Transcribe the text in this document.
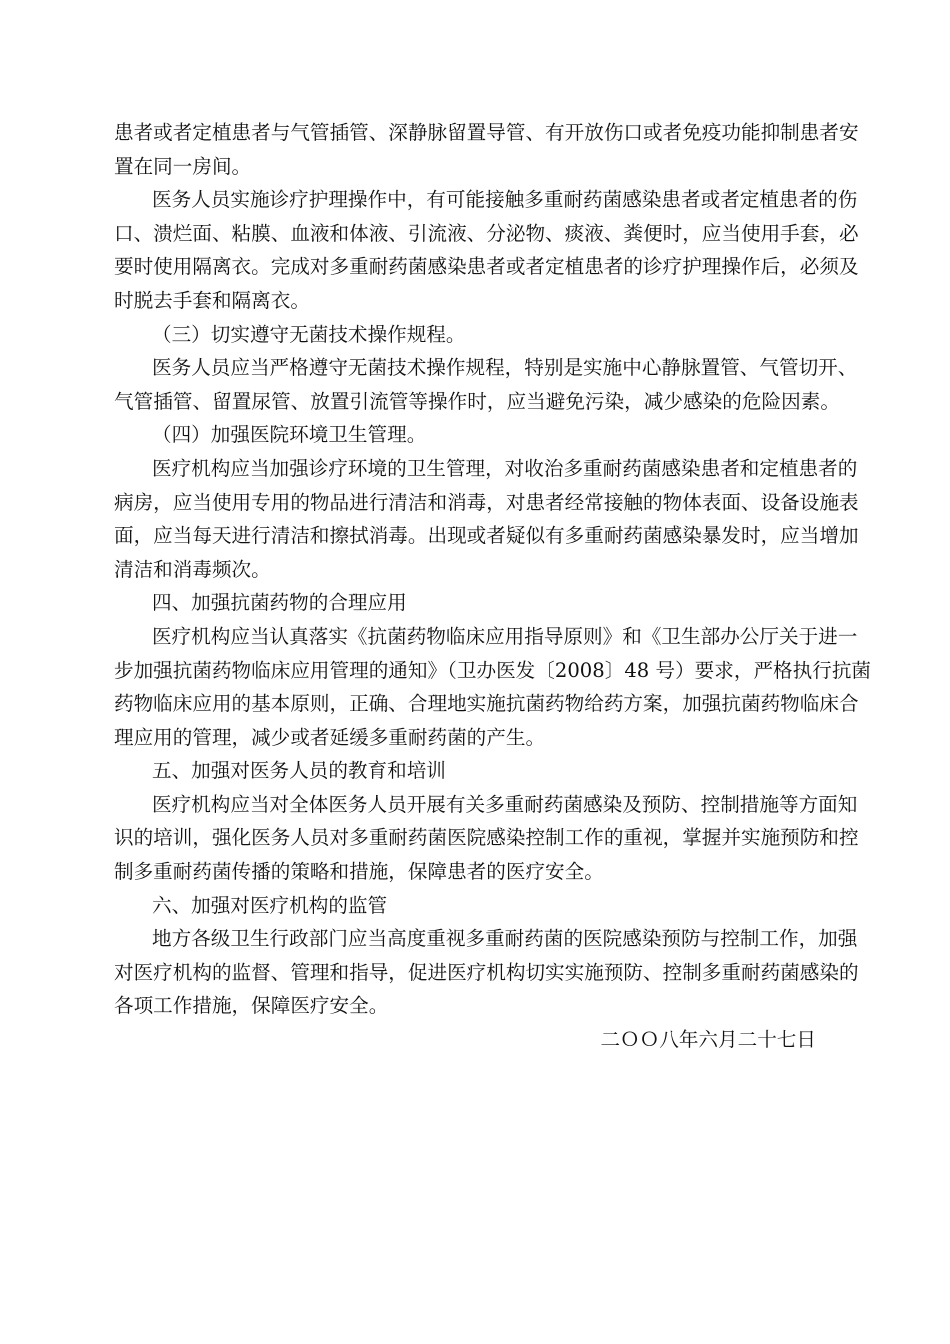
患者或者定植患者与气管插管、深静脉留置导管、有开放伤口或者免疫功能抑制患者安
置在同一房间。
医务人员实施诊疗护理操作中，有可能接触多重耐药菌感染患者或者定植患者的伤
口、溃烂面、粘膜、血液和体液、引流液、分泌物、痰液、粪便时，应当使用手套，必
要时使用隔离衣。完成对多重耐药菌感染患者或者定植患者的诊疗护理操作后，必须及
时脱去手套和隔离衣。
（三）切实遵守无菌技术操作规程。
医务人员应当严格遵守无菌技术操作规程，特别是实施中心静脉置管、气管切开、
气管插管、留置尿管、放置引流管等操作时，应当避免污染，减少感染的危险因素。
（四）加强医院环境卫生管理。
医疗机构应当加强诊疗环境的卫生管理，对收治多重耐药菌感染患者和定植患者的
病房，应当使用专用的物品进行清洁和消毒，对患者经常接触的物体表面、设备设施表
面，应当每天进行清洁和擦拭消毒。出现或者疑似有多重耐药菌感染暴发时，应当增加
清洁和消毒频次。
四、加强抗菌药物的合理应用
医疗机构应当认真落实《抗菌药物临床应用指导原则》和《卫生部办公厅关于进一
步加强抗菌药物临床应用管理的通知》（卫办医发〔2008〕48 号）要求，严格执行抗菌
药物临床应用的基本原则，正确、合理地实施抗菌药物给药方案，加强抗菌药物临床合
理应用的管理，减少或者延缓多重耐药菌的产生。
五、加强对医务人员的教育和培训
医疗机构应当对全体医务人员开展有关多重耐药菌感染及预防、控制措施等方面知
识的培训，强化医务人员对多重耐药菌医院感染控制工作的重视，掌握并实施预防和控
制多重耐药菌传播的策略和措施，保障患者的医疗安全。
六、加强对医疗机构的监管
地方各级卫生行政部门应当高度重视多重耐药菌的医院感染预防与控制工作，加强
对医疗机构的监督、管理和指导，促进医疗机构切实实施预防、控制多重耐药菌感染的
各项工作措施，保障医疗安全。
二ＯＯ八年六月二十七日
